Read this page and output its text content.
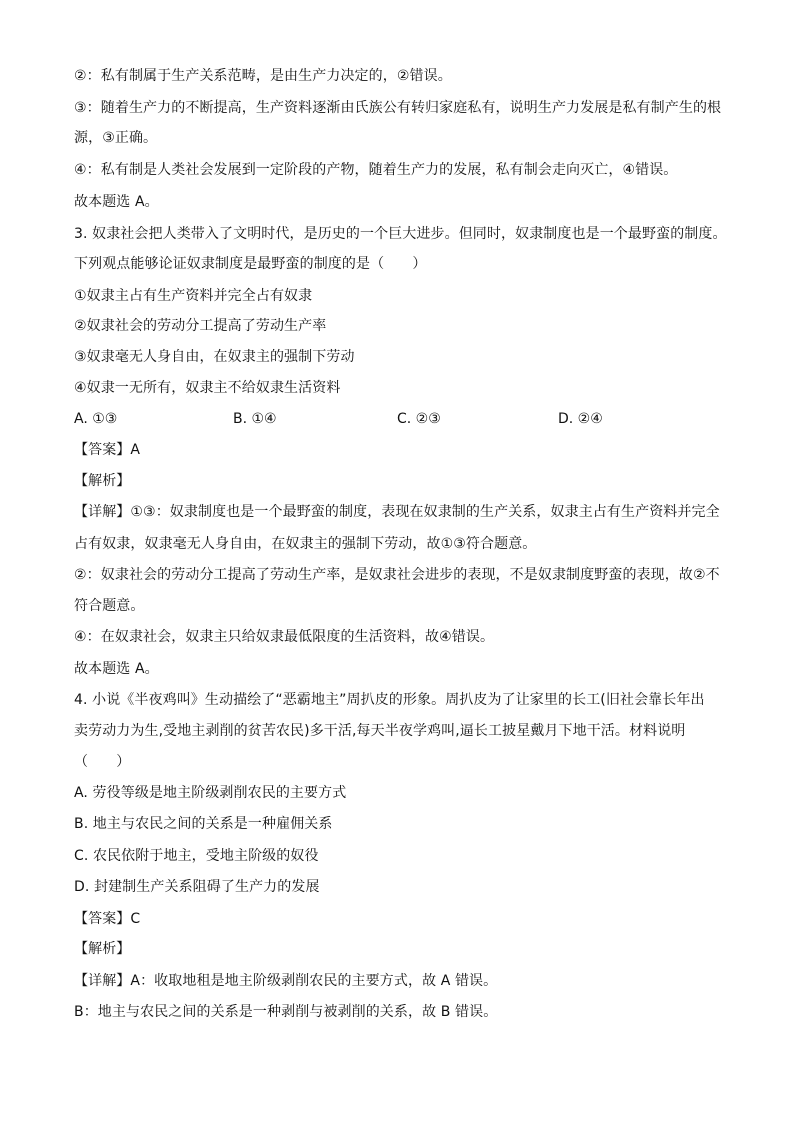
②：私有制属于生产关系范畴，是由生产力决定的，②错误。
③：随着生产力的不断提高，生产资料逐渐由氏族公有转归家庭私有，说明生产力发展是私有制产生的根
源，③正确。
④：私有制是人类社会发展到一定阶段的产物，随着生产力的发展，私有制会走向灭亡，④错误。
故本题选 A。
3. 奴隶社会把人类带入了文明时代，是历史的一个巨大进步。但同时，奴隶制度也是一个最野蛮的制度。
下列观点能够论证奴隶制度是最野蛮的制度的是（　　）
①奴隶主占有生产资料并完全占有奴隶
②奴隶社会的劳动分工提高了劳动生产率
③奴隶毫无人身自由，在奴隶主的强制下劳动
④奴隶一无所有，奴隶主不给奴隶生活资料
A. ①③	B. ①④	C. ②③	D. ②④
【答案】A
【解析】
【详解】①③：奴隶制度也是一个最野蛮的制度，表现在奴隶制的生产关系，奴隶主占有生产资料并完全
占有奴隶，奴隶毫无人身自由，在奴隶主的强制下劳动，故①③符合题意。
②：奴隶社会的劳动分工提高了劳动生产率，是奴隶社会进步的表现，不是奴隶制度野蛮的表现，故②不
符合题意。
④：在奴隶社会，奴隶主只给奴隶最低限度的生活资料，故④错误。
故本题选 A。
4. 小说《半夜鸡叫》生动描绘了“恶霸地主”周扒皮的形象。周扒皮为了让家里的长工(旧社会靠长年出
卖劳动力为生,受地主剥削的贫苦农民)多干活,每天半夜学鸡叫,逼长工披星戴月下地干活。材料说明
（　　）
A. 劳役等级是地主阶级剥削农民的主要方式
B. 地主与农民之间的关系是一种雇佣关系
C. 农民依附于地主，受地主阶级的奴役
D. 封建制生产关系阻碍了生产力的发展
【答案】C
【解析】
【详解】A：收取地租是地主阶级剥削农民的主要方式，故 A 错误。
B：地主与农民之间的关系是一种剥削与被剥削的关系，故 B 错误。
